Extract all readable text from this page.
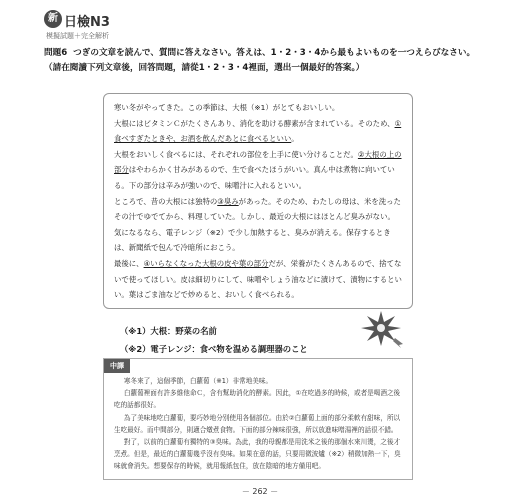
新 日檢N3
模擬試題＋完全解析
問題6 つぎの文章を読んで、質問に答えなさい。答えは、1・2・3・4から最もよいものを一つえらびなさい。（請在閱讀下列文章後，回答問題，請從1・2・3・4裡面，選出一個最好的答案。）

寒い冬がやってきた。この季節は、大根（※1）がとてもおいしい。

大根にはビタミンＣがたくさんあり、消化を助ける酵素が含まれている。そのため、①食べすぎたときや、お酒を飲んだあとに食べるといい。

大根をおいしく食べるには、それぞれの部位を上手に使い分けることだ。②大根の上の部分はやわらかく甘みがあるので、生で食べたほうがいい。真ん中は煮物に向いている。下の部分は辛みが強いので、味噌汁に入れるといい。

ところで、昔の大根には独特の③臭みがあった。そのため、わたしの母は、米を洗ったその汁でゆでてから、料理していた。しかし、最近の大根にはほとんど臭みがない。気になるなら、電子レンジ（※2）で少し加熱すると、臭みが消える。保存するときは、新聞紙で包んで冷暗所におこう。

最後に、④いらなくなった大根の皮や葉の部分だが、栄養がたくさんあるので、捨てないで使ってほしい。皮は細切りにして、味噌やしょう油などに漬けて、漬物にするといい。葉はごま油などで炒めると、おいしく食べられる。

（※1）大根：野菜の名前
（※2）電子レンジ：食べ物を温める調理器のこと
中譯

寒冬來了，這個季節，白蘿蔔（※1）非常地美味。

白蘿蔔裡面有許多維他命Ｃ，含有幫助消化的酵素。因此，①在吃過多的時候，或者是喝酒之後吃的話都很好。

為了美味地吃白蘿蔔，要巧妙地分別使用各個部位。由於②白蘿蔔上面的部分柔軟有甜味，所以生吃最好。而中間部分，則適合燉煮食物。下面的部分辣味很強，所以放進味噌湯裡的話很不錯。

對了，以前的白蘿蔔有獨特的③臭味。為此，我的母親都是用洗米之後的那個水來川燙，之後才烹煮。但是，最近的白蘿蔔幾乎沒有臭味。如果在意的話，只要用微波爐（※2）稍微加熱一下，臭味就會消失。想要保存的時候，就用報紙包住，放在陰暗的地方備用吧。

－ 262 －
